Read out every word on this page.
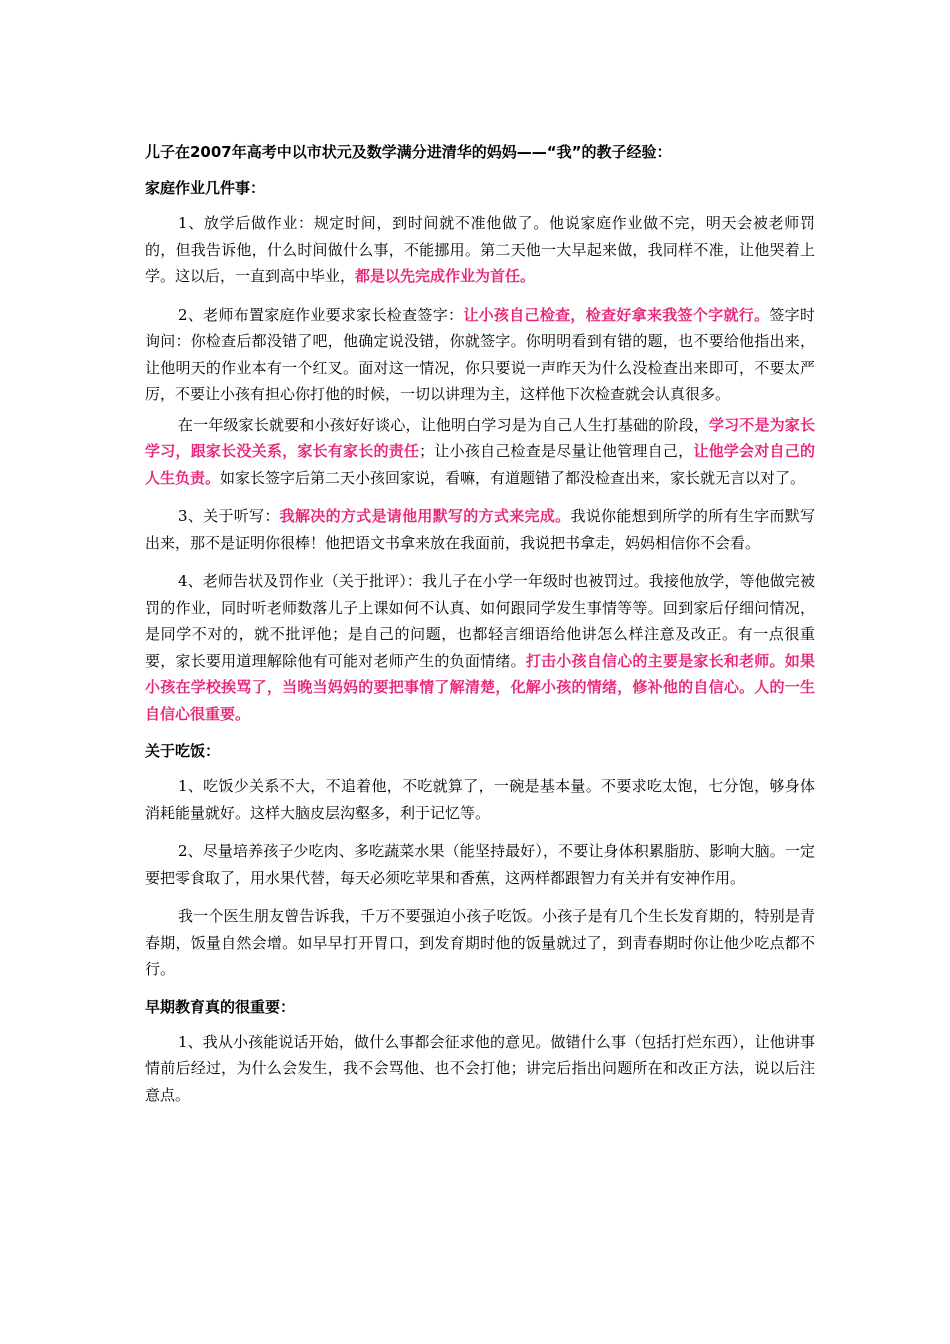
儿子在2007年高考中以市状元及数学满分进清华的妈妈——“我”的教子经验：

家庭作业几件事：

1、放学后做作业：规定时间，到时间就不准他做了。他说家庭作业做不完，明天会被老师罚的，但我告诉他，什么时间做什么事，不能挪用。第二天他一大早起来做，我同样不准，让他哭着上学。这以后，一直到高中毕业，都是以先完成作业为首任。

2、老师布置家庭作业要求家长检查签字：让小孩自己检查，检查好拿来我签个字就行。签字时询问：你检查后都没错了吧，他确定说没错，你就签字。你明明看到有错的题，也不要给他指出来，让他明天的作业本有一个红叉。面对这一情况，你只要说一声昨天为什么没检查出来即可，不要太严厉，不要让小孩有担心你打他的时候，一切以讲理为主，这样他下次检查就会认真很多。

在一年级家长就要和小孩好好谈心，让他明白学习是为自己人生打基础的阶段，学习不是为家长学习，跟家长没关系，家长有家长的责任；让小孩自己检查是尽量让他管理自己，让他学会对自己的人生负责。如家长签字后第二天小孩回家说，看嘛，有道题错了都没检查出来，家长就无言以对了。

3、关于听写：我解决的方式是请他用默写的方式来完成。我说你能想到所学的所有生字而默写出来，那不是证明你很棒！他把语文书拿来放在我面前，我说把书拿走，妈妈相信你不会看。

4、老师告状及罚作业（关于批评）：我儿子在小学一年级时也被罚过。我接他放学，等他做完被罚的作业，同时听老师数落儿子上课如何不认真、如何跟同学发生事情等等。回到家后仔细问情况，是同学不对的，就不批评他；是自己的问题，也都轻言细语给他讲怎么样注意及改正。有一点很重要，家长要用道理解除他有可能对老师产生的负面情绪。打击小孩自信心的主要是家长和老师。如果小孩在学校挨骂了，当晚当妈妈的要把事情了解清楚，化解小孩的情绪，修补他的自信心。人的一生自信心很重要。

关于吃饭：

1、吃饭少关系不大，不追着他，不吃就算了，一碗是基本量。不要求吃太饱，七分饱，够身体消耗能量就好。这样大脑皮层沟壑多，利于记忆等。

2、尽量培养孩子少吃肉、多吃蔬菜水果（能坚持最好），不要让身体积累脂肪、影响大脑。一定要把零食取了，用水果代替，每天必须吃苹果和香蕉，这两样都跟智力有关并有安神作用。

我一个医生朋友曾告诉我，千万不要强迫小孩子吃饭。小孩子是有几个生长发育期的，特别是青春期，饭量自然会增。如早早打开胃口，到发育期时他的饭量就过了，到青春期时你让他少吃点都不行。

早期教育真的很重要：

1、我从小孩能说话开始，做什么事都会征求他的意见。做错什么事（包括打烂东西），让他讲事情前后经过，为什么会发生，我不会骂他、也不会打他；讲完后指出问题所在和改正方法，说以后注意点。
